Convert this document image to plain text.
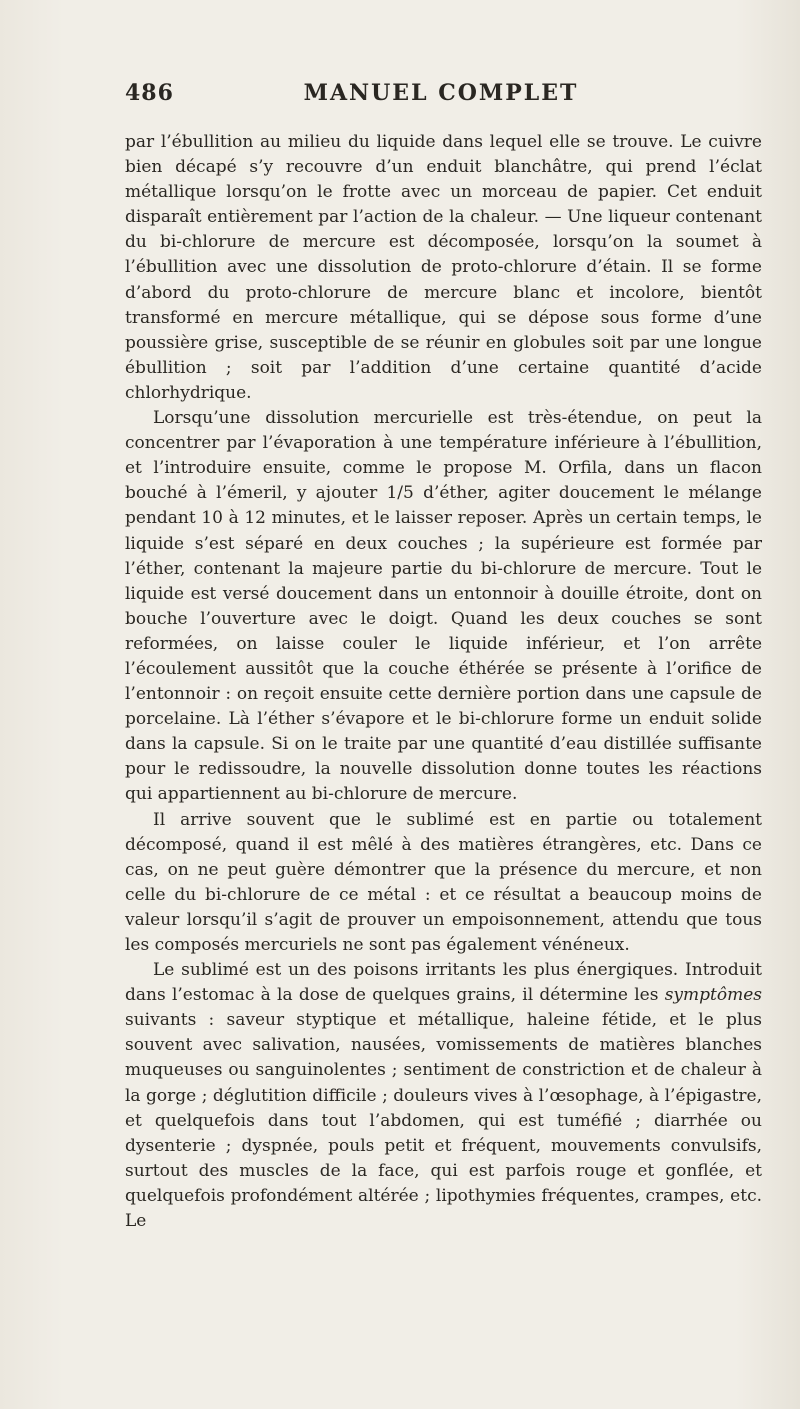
486	MANUEL COMPLET

par l’ébullition au milieu du liquide dans lequel elle se trouve. Le cuivre bien décapé s’y recouvre d’un enduit blanchâtre, qui prend l’éclat métallique lorsqu’on le frotte avec un morceau de papier. Cet enduit disparaît entièrement par l’action de la chaleur. — Une liqueur contenant du bi-chlorure de mercure est décomposée, lorsqu’on la soumet à l’ébullition avec une dissolution de proto-chlorure d’étain. Il se forme d’abord du proto-chlorure de mercure blanc et incolore, bientôt transformé en mercure métallique, qui se dépose sous forme d’une poussière grise, susceptible de se réunir en globules soit par une longue ébullition ; soit par l’addition d’une certaine quantité d’acide chlorhydrique.

Lorsqu’une dissolution mercurielle est très-étendue, on peut la concentrer par l’évaporation à une température inférieure à l’ébullition, et l’introduire ensuite, comme le propose M. Orfila, dans un flacon bouché à l’émeril, y ajouter 1/5 d’éther, agiter doucement le mélange pendant 10 à 12 minutes, et le laisser reposer. Après un certain temps, le liquide s’est séparé en deux couches ; la supérieure est formée par l’éther, contenant la majeure partie du bi-chlorure de mercure. Tout le liquide est versé doucement dans un entonnoir à douille étroite, dont on bouche l’ouverture avec le doigt. Quand les deux couches se sont reformées, on laisse couler le liquide inférieur, et l’on arrête l’écoulement aussitôt que la couche éthérée se présente à l’orifice de l’entonnoir : on reçoit ensuite cette dernière portion dans une capsule de porcelaine. Là l’éther s’évapore et le bi-chlorure forme un enduit solide dans la capsule. Si on le traite par une quantité d’eau distillée suffisante pour le redissoudre, la nouvelle dissolution donne toutes les réactions qui appartiennent au bi-chlorure de mercure.

Il arrive souvent que le sublimé est en partie ou totalement décomposé, quand il est mêlé à des matières étrangères, etc. Dans ce cas, on ne peut guère démontrer que la présence du mercure, et non celle du bi-chlorure de ce métal : et ce résultat a beaucoup moins de valeur lorsqu’il s’agit de prouver un empoisonnement, attendu que tous les composés mercuriels ne sont pas également vénéneux.

Le sublimé est un des poisons irritants les plus énergiques. Introduit dans l’estomac à la dose de quelques grains, il détermine les symptômes suivants : saveur styptique et métallique, haleine fétide, et le plus souvent avec salivation, nausées, vomissements de matières blanches muqueuses ou sanguinolentes ; sentiment de constriction et de chaleur à la gorge ; déglutition difficile ; douleurs vives à l’œsophage, à l’épigastre, et quelquefois dans tout l’abdomen, qui est tuméfié ; diarrhée ou dysenterie ; dyspnée, pouls petit et fréquent, mouvements convulsifs, surtout des muscles de la face, qui est parfois rouge et gonflée, et quelquefois profondément altérée ; lipothymies fréquentes, crampes, etc. Le
